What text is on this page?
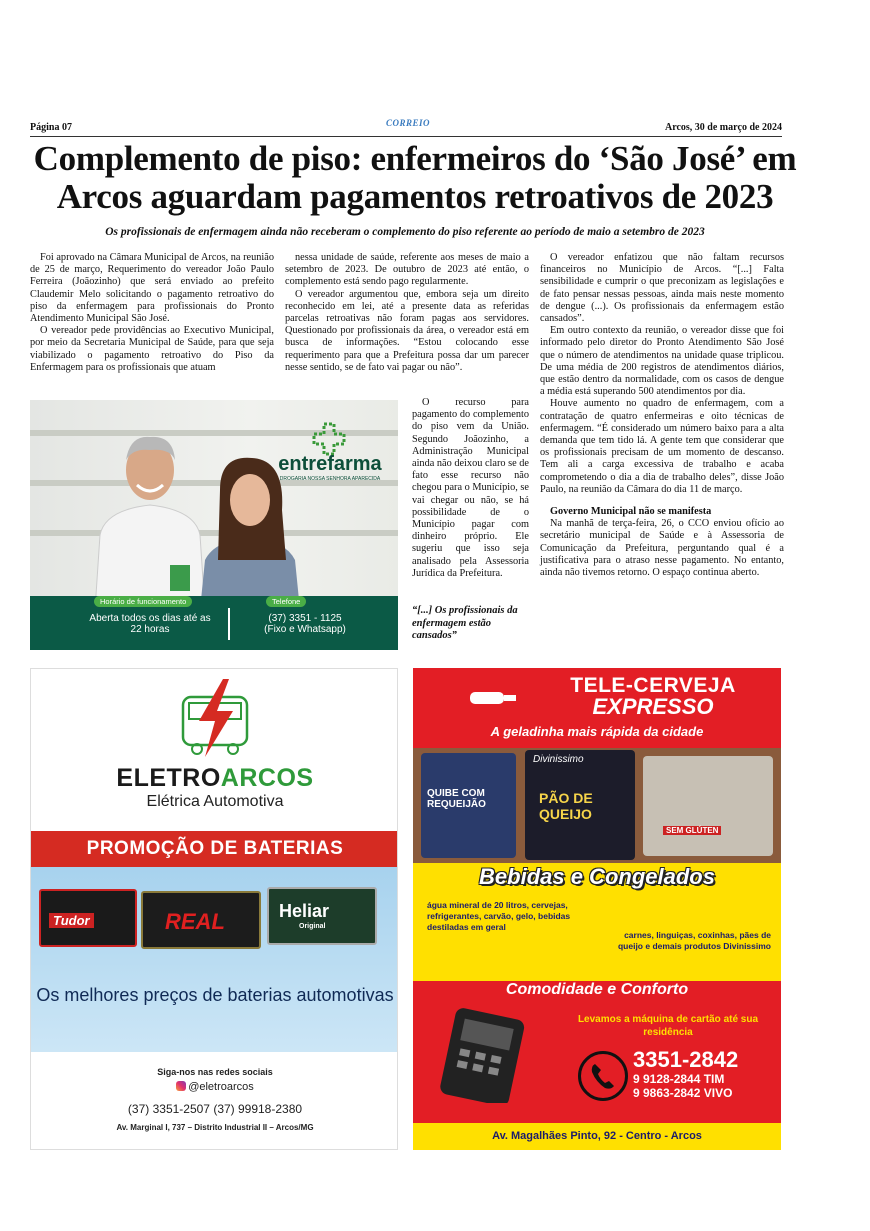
Página 07	CORREIO	Arcos, 30 de março de 2024
Complemento de piso: enfermeiros do ‘São José’ em Arcos aguardam pagamentos retroativos de 2023
Os profissionais de enfermagem ainda não receberam o complemento do piso referente ao período de maio a setembro de 2023

Foi aprovado na Câmara Municipal de Arcos, na reunião de 25 de março, Requerimento do vereador João Paulo Ferreira (Joãozinho) que será enviado ao prefeito Claudemir Melo solicitando o pagamento retroativo do piso da enfermagem para profissionais do Pronto Atendimento Municipal São José.

O vereador pede providências ao Executivo Municipal, por meio da Secretaria Municipal de Saúde, para que seja viabilizado o pagamento retroativo do Piso da Enfermagem para os profissionais que atuam

nessa unidade de saúde, referente aos meses de maio a setembro de 2023. De outubro de 2023 até então, o complemento está sendo pago regularmente.

O vereador argumentou que, embora seja um direito reconhecido em lei, até a presente data as referidas parcelas retroativas não foram pagas aos servidores. Questionado por profissionais da área, o vereador está em busca de informações. “Estou colocando esse requerimento para que a Prefeitura possa dar um parecer nesse sentido, se de fato vai pagar ou não”.

O recurso para pagamento do complemento do piso vem da União. Segundo Joãozinho, a Administração Municipal ainda não deixou claro se de fato esse recurso não chegou para o Município, se vai chegar ou não, se há possibilidade de o Município pagar com dinheiro próprio. Ele sugeriu que isso seja analisado pela Assessoria Jurídica da Prefeitura.

“[...] Os profissionais da enfermagem estão cansados”

O vereador enfatizou que não faltam recursos financeiros no Município de Arcos. “[...] Falta sensibilidade e cumprir o que preconizam as legislações e de fato pensar nessas pessoas, ainda mais neste momento de dengue (...). Os profissionais da enfermagem estão cansados”.

Em outro contexto da reunião, o vereador disse que foi informado pelo diretor do Pronto Atendimento São José que o número de atendimentos na unidade quase triplicou. De uma média de 200 registros de atendimentos diários, que estão dentro da normalidade, com os casos de dengue a média está superando 500 atendimentos por dia.

Houve aumento no quadro de enfermagem, com a contratação de quatro enfermeiras e oito técnicas de enfermagem. “É considerado um número baixo para a alta demanda que tem tido lá. A gente tem que considerar que os profissionais precisam de um momento de descanso. Tem ali a carga excessiva de trabalho e acaba comprometendo o dia a dia de trabalho deles”, disse João Paulo, na reunião da Câmara do dia 11 de março.

Governo Municipal não se manifesta

Na manhã de terça-feira, 26, o CCO enviou ofício ao secretário municipal de Saúde e à Assessoria de Comunicação da Prefeitura, perguntando qual é a justificativa para o atraso nesse pagamento. No entanto, ainda não tivemos retorno. O espaço continua aberto.

entrefarma
DROGARIA NOSSA SENHORA APARECIDA
Horário de funcionamento
Aberta todos os dias até as 22 horas
Telefone
(37) 3351 - 1125
(Fixo e Whatsapp)
ELETROARCOS
Elétrica Automotiva
PROMOÇÃO DE BATERIAS
Tudor	REAL	Heliar
Original
Os melhores preços de baterias automotivas
Siga-nos nas redes sociais
@eletroarcos
(37) 3351-2507 (37) 99918-2380
Av. Marginal I, 737 – Distrito Industrial II – Arcos/MG
TELE-CERVEJA
EXPRESSO
A geladinha mais rápida da cidade
QUIBE COM REQUEIJÃO
Divinissimo
PÃO DE QUEIJO
SEM GLÚTEN
Bebidas e Congelados
água mineral de 20 litros, cervejas, refrigerantes, carvão, gelo, bebidas destiladas em geral
carnes, linguiças, coxinhas, pães de queijo e demais produtos Divinissimo
Comodidade e Conforto
Levamos a máquina de cartão até sua residência
3351-2842
9 9128-2844 TIM
9 9863-2842 VIVO
Av. Magalhães Pinto, 92 - Centro - Arcos
